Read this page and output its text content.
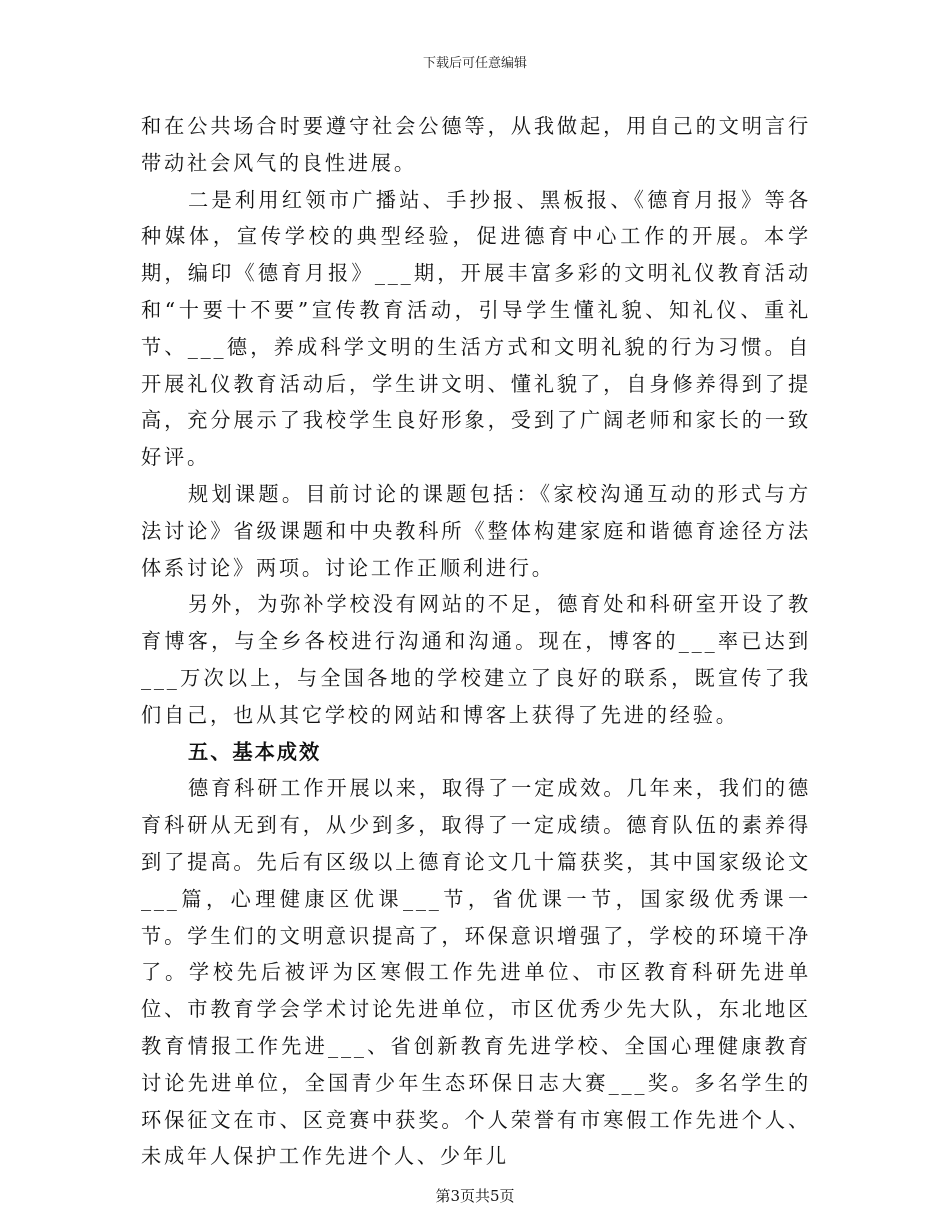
下载后可任意编辑

和在公共场合时要遵守社会公德等，从我做起，用自己的文明言行带动社会风气的良性进展。

二是利用红领市广播站、手抄报、黑板报、《德育月报》等各种媒体，宣传学校的典型经验，促进德育中心工作的开展。本学期，编印《德育月报》___期，开展丰富多彩的文明礼仪教育活动和“十要十不要”宣传教育活动，引导学生懂礼貌、知礼仪、重礼节、___德，养成科学文明的生活方式和文明礼貌的行为习惯。自开展礼仪教育活动后，学生讲文明、懂礼貌了，自身修养得到了提高，充分展示了我校学生良好形象，受到了广阔老师和家长的一致好评。

规划课题。目前讨论的课题包括：《家校沟通互动的形式与方法讨论》省级课题和中央教科所《整体构建家庭和谐德育途径方法体系讨论》两项。讨论工作正顺利进行。

另外，为弥补学校没有网站的不足，德育处和科研室开设了教育博客，与全乡各校进行沟通和沟通。现在，博客的___率已达到___万次以上，与全国各地的学校建立了良好的联系，既宣传了我们自己，也从其它学校的网站和博客上获得了先进的经验。

五、基本成效

德育科研工作开展以来，取得了一定成效。几年来，我们的德育科研从无到有，从少到多，取得了一定成绩。德育队伍的素养得到了提高。先后有区级以上德育论文几十篇获奖，其中国家级论文___篇，心理健康区优课___节，省优课一节，国家级优秀课一节。学生们的文明意识提高了，环保意识增强了，学校的环境干净了。学校先后被评为区寒假工作先进单位、市区教育科研先进单位、市教育学会学术讨论先进单位，市区优秀少先大队，东北地区教育情报工作先进___、省创新教育先进学校、全国心理健康教育讨论先进单位，全国青少年生态环保日志大赛___奖。多名学生的环保征文在市、区竞赛中获奖。个人荣誉有市寒假工作先进个人、未成年人保护工作先进个人、少年儿

第3页共5页
